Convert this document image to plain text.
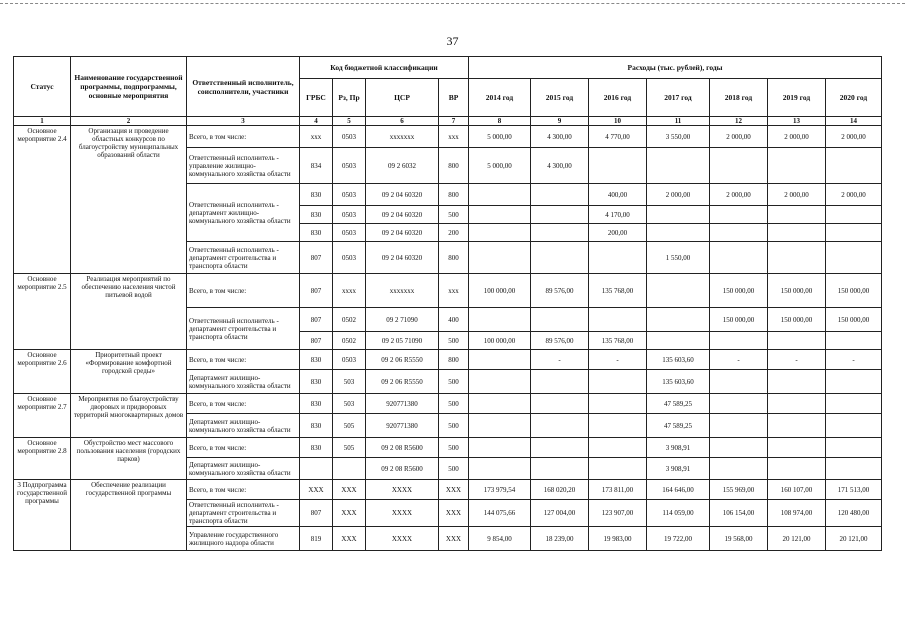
37
Статус	Наименование государственной программы, подпрограммы, основные мероприятия	Ответственный исполнитель, соисполнители, участники	Код бюджетной классификации				Расходы (тыс. рублей), годы						
			ГРБС	Рз, Пр	ЦСР	ВР	2014 год	2015 год	2016 год	2017 год	2018 год	2019 год	2020 год
1	2	3	4	5	6	7	8	9	10	11	12	13	14
Основное мероприятие 2.4	Организация и проведение областных конкурсов по благоустройству муниципальных образований области	Всего, в том числе:	xxx	0503	xxxxxxx	xxx	5 000,00	4 300,00	4 770,00	3 550,00	2 000,00	2 000,00	2 000,00
		Ответственный исполнитель - управление жилищно-коммунального хозяйства области	834	0503	09 2 6032	800	5 000,00	4 300,00					
		Ответственный исполнитель - департамент жилищно-коммунального хозяйства области	830	0503	09 2 04 60320	800			400,00	2 000,00	2 000,00	2 000,00	2 000,00
			830	0503	09 2 04 60320	500			4 170,00				
			830	0503	09 2 04 60320	200			200,00				
		Ответственный исполнитель - департамент строительства и транспорта области	807	0503	09 2 04 60320	800				1 550,00			
Основное мероприятие 2.5	Реализация мероприятий по обеспечению населения чистой питьевой водой	Всего, в том числе:	807	xxxx	xxxxxxx	xxx	100 000,00	89 576,00	135 768,00		150 000,00	150 000,00	150 000,00
		Ответственный исполнитель - департамент строительства и транспорта области	807	0502	09 2 71090	400					150 000,00	150 000,00	150 000,00
			807	0502	09 2 05 71090	500	100 000,00	89 576,00	135 768,00				
Основное мероприятие 2.6	Приоритетный проект «Формирование комфортной городской среды»	Всего, в том числе:	830	0503	09 2 06 R5550	800		-	-	135 603,60	-	-	-
		Департамент жилищно-коммунального хозяйства области	830	503	09 2 06 R5550	500				135 603,60			
Основное мероприятие 2.7	Мероприятия по благоустройству дворовых и придворовых территорий многоквартирных домов	Всего, в том числе:	830	503	920771380	500				47 589,25			
		Департамент жилищно-коммунального хозяйства области	830	505	920771380	500				47 589,25			
Основное мероприятие 2.8	Обустройство мест массового пользования населения (городских парков)	Всего, в том числе:	830	505	09 2 08 R5600	500				3 908,91			
		Департамент жилищно-коммунального хозяйства области			09 2 08 R5600	500				3 908,91			
3 Подпрограмма государственной программы	Обеспечение реализации государственной программы	Всего, в том числе:	XXX	XXX	XXXX	XXX	173 979,54	168 020,20	173 811,00	164 646,00	155 969,00	160 107,00	171 513,00
		Ответственный исполнитель - департамент строительства и транспорта области	807	XXX	XXXX	XXX	144 075,66	127 004,00	123 907,00	114 059,00	106 154,00	108 974,00	120 480,00
		Управление государственного жилищного надзора области	819	XXX	XXXX	XXX	9 854,00	18 239,00	19 983,00	19 722,00	19 568,00	20 121,00	20 121,00
